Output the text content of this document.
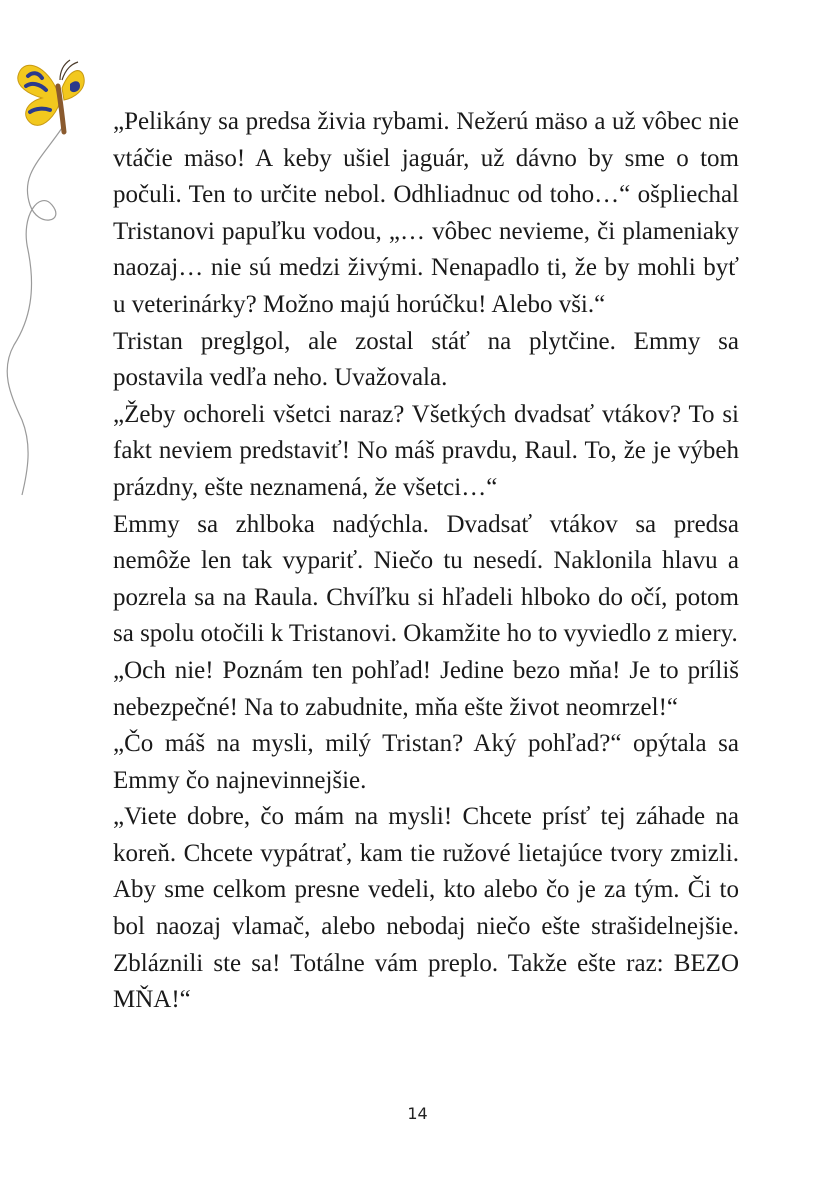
„Pelikány sa predsa živia rybami. Nežerú mäso a už vôbec nie vtáčie mäso! A keby ušiel jaguár, už dávno by sme o tom počuli. Ten to určite nebol. Odhliadnuc od toho…“ ošpliechal Tristanovi papuľku vodou, „… vôbec nevieme, či plameniaky naozaj… nie sú medzi živými. Nenapadlo ti, že by mohli byť u veterinárky? Možno majú horúčku! Alebo vši.“

Tristan preglgol, ale zostal stáť na plytčine. Emmy sa postavila vedľa neho. Uvažovala.

„Žeby ochoreli všetci naraz? Všetkých dvadsať vtákov? To si fakt neviem predstaviť! No máš pravdu, Raul. To, že je výbeh prázdny, ešte neznamená, že všetci…“

Emmy sa zhlboka nadýchla. Dvadsať vtákov sa predsa nemôže len tak vypariť. Niečo tu nesedí. Naklonila hlavu a pozrela sa na Raula. Chvíľku si hľadeli hlboko do očí, potom sa spolu otočili k Tristanovi. Okamžite ho to vyviedlo z miery.

„Och nie! Poznám ten pohľad! Jedine bezo mňa! Je to príliš nebezpečné! Na to zabudnite, mňa ešte život neomrzel!“

„Čo máš na mysli, milý Tristan? Aký pohľad?“ opýtala sa Emmy čo najnevinnejšie.

„Viete dobre, čo mám na mysli! Chcete prísť tej záhade na koreň. Chcete vypátrať, kam tie ružové lietajúce tvory zmizli. Aby sme celkom presne vedeli, kto alebo čo je za tým. Či to bol naozaj vlamač, alebo nebodaj niečo ešte strašidelnejšie. Zbláznili ste sa! Totálne vám preplo. Takže ešte raz: BEZO MŇA!“

14
